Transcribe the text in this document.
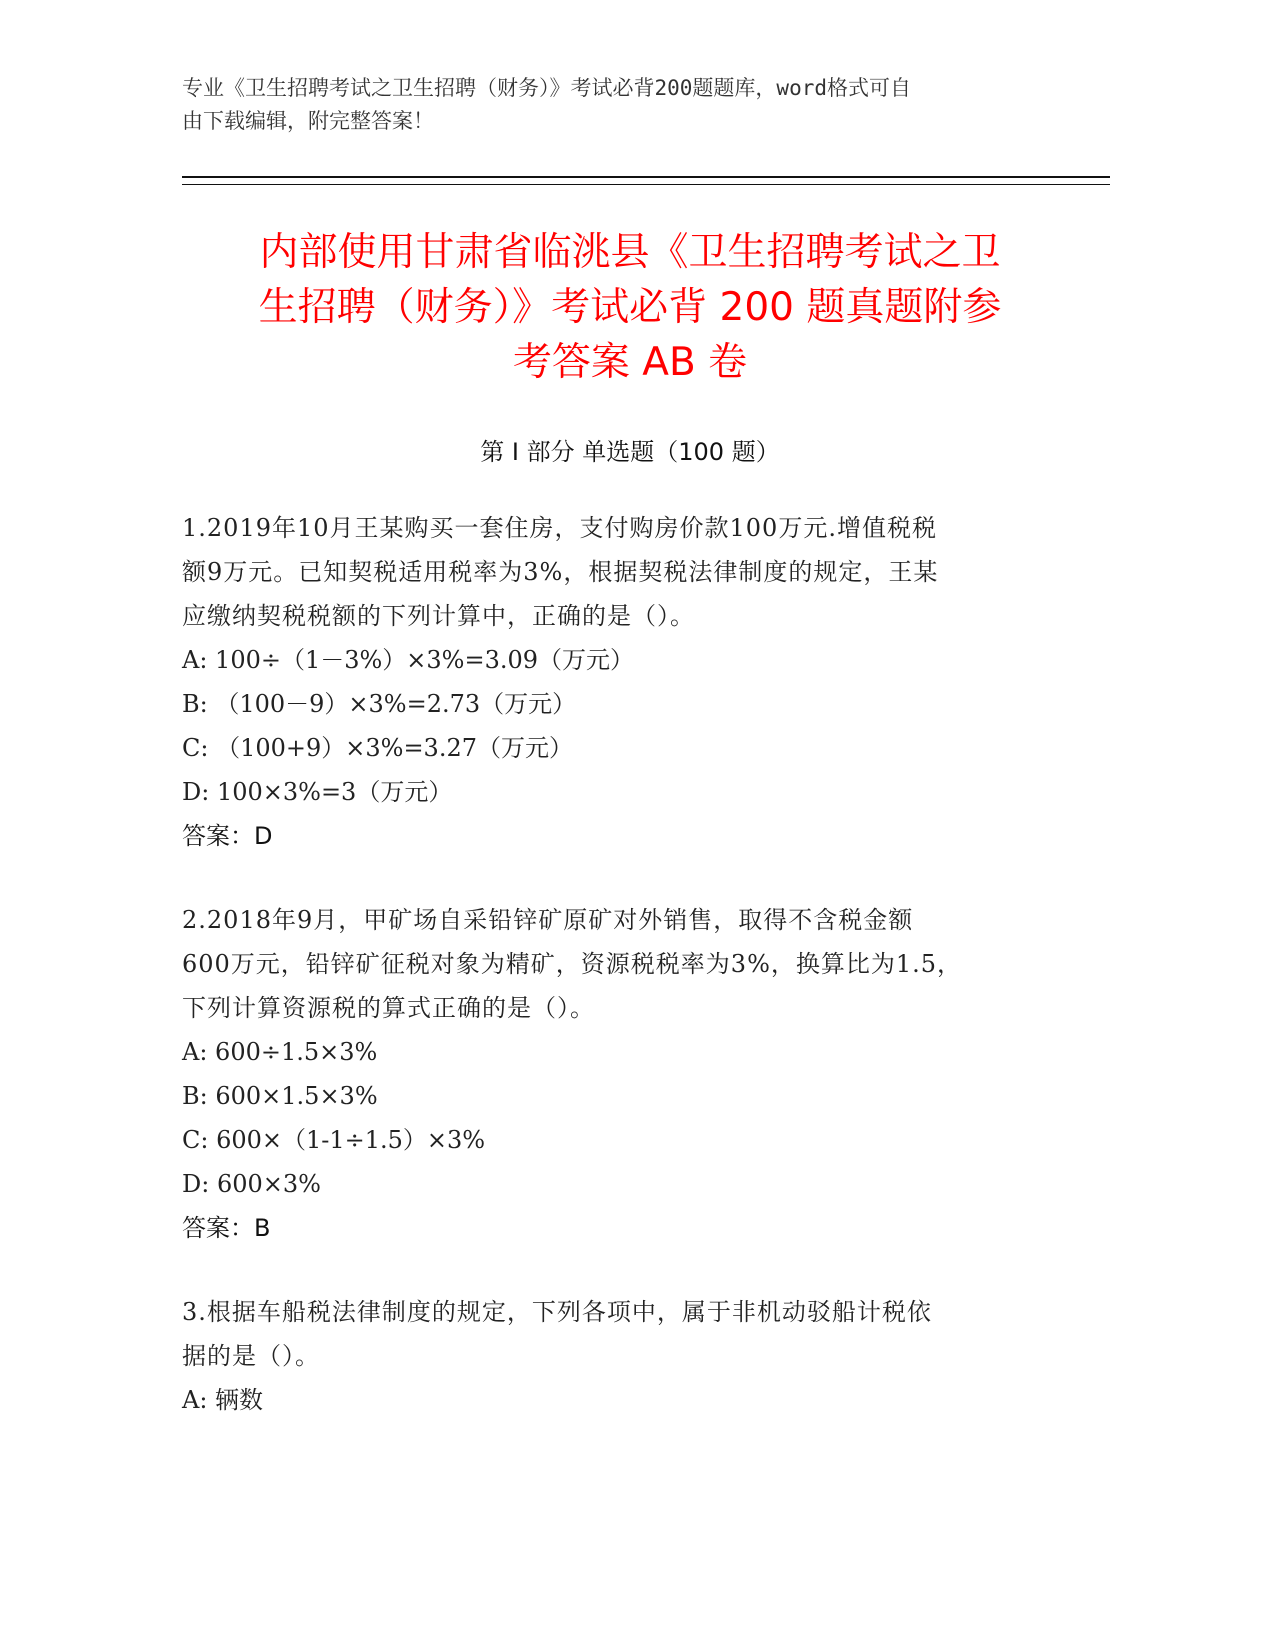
专业《卫生招聘考试之卫生招聘（财务）》考试必背200题题库，word格式可自
由下载编辑，附完整答案！
内部使用甘肃省临洮县《卫生招聘考试之卫
生招聘（财务）》考试必背 200 题真题附参
考答案 AB 卷
第 I 部分 单选题（100 题）
1.2019年10月王某购买一套住房，支付购房价款100万元.增值税税
额9万元。已知契税适用税率为3%，根据契税法律制度的规定，王某
应缴纳契税税额的下列计算中，正确的是（）。
A: 100÷（1－3%）×3%=3.09（万元）
B: （100－9）×3%=2.73（万元）
C: （100+9）×3%=3.27（万元）
D: 100×3%=3（万元）
答案：D
2.2018年9月，甲矿场自采铅锌矿原矿对外销售，取得不含税金额
600万元，铅锌矿征税对象为精矿，资源税税率为3%，换算比为1.5，
下列计算资源税的算式正确的是（）。
A: 600÷1.5×3%
B: 600×1.5×3%
C: 600×（1-1÷1.5）×3%
D: 600×3%
答案：B
3.根据车船税法律制度的规定，下列各项中，属于非机动驳船计税依
据的是（）。
A: 辆数
